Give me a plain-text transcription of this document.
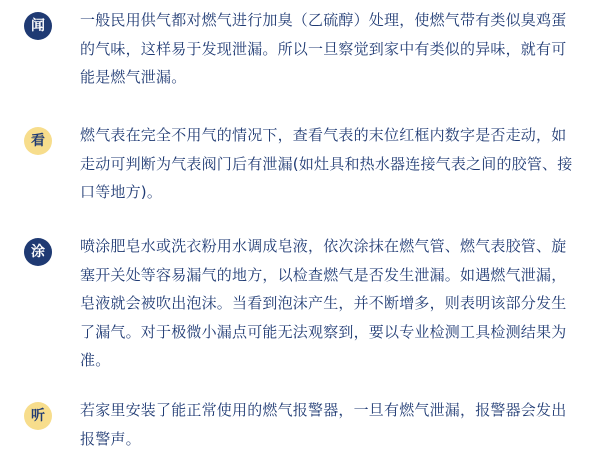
闻	一般民用供气都对燃气进行加臭（乙硫醇）处理，使燃气带有类似臭鸡蛋的气味，这样易于发现泄漏。所以一旦察觉到家中有类似的异味，就有可能是燃气泄漏。

看	燃气表在完全不用气的情况下，查看气表的末位红框内数字是否走动，如走动可判断为气表阀门后有泄漏(如灶具和热水器连接气表之间的胶管、接口等地方)。

涂	喷涂肥皂水或洗衣粉用水调成皂液，依次涂抹在燃气管、燃气表胶管、旋塞开关处等容易漏气的地方，以检查燃气是否发生泄漏。如遇燃气泄漏，皂液就会被吹出泡沫。当看到泡沫产生，并不断增多，则表明该部分发生了漏气。对于极微小漏点可能无法观察到，要以专业检测工具检测结果为准。

听	若家里安装了能正常使用的燃气报警器，一旦有燃气泄漏，报警器会发出报警声。
